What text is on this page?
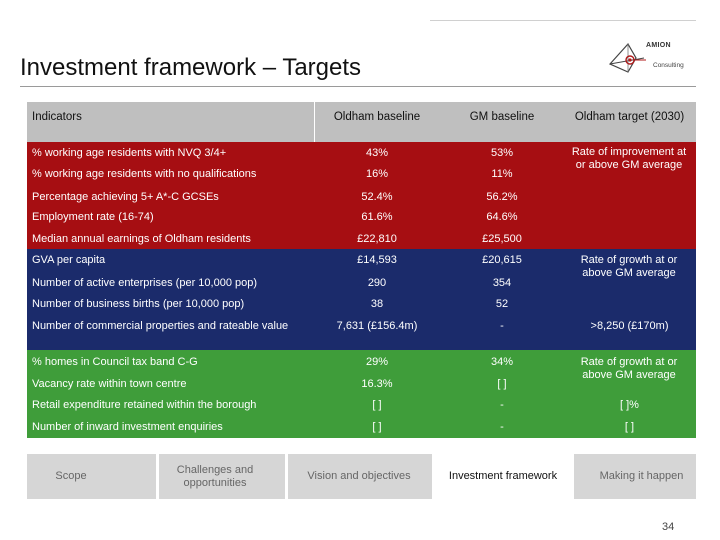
AMION
Consulting
Investment framework – Targets
Indicators	Oldham baseline	GM baseline	Oldham target (2030)
% working age residents with NVQ 3/4+	43%	53%
% working age residents with no qualifications	16%	11%
Percentage achieving 5+ A*-C GCSEs	52.4%	56.2%
Employment rate (16-74)	61.6%	64.6%
Median annual earnings of Oldham residents	£22,810	£25,500
Rate of improvement at or above GM average
GVA per capita	£14,593	£20,615
Number of active enterprises (per 10,000 pop)	290	354
Number of business births (per 10,000 pop)	38	52
Rate of growth at or above GM average
Number of commercial properties and rateable value	7,631 (£156.4m)	-	>8,250 (£170m)
% homes in Council tax band C-G	29%	34%
Vacancy rate within town centre	16.3%	[ ]
Rate of growth at or above GM average
Retail expenditure retained within the borough	[ ]	-	[ ]%
Number of inward investment enquiries	[ ]	-	[ ]
Scope
Challenges and opportunities
Vision and objectives	Investment framework	Making it happen
34
